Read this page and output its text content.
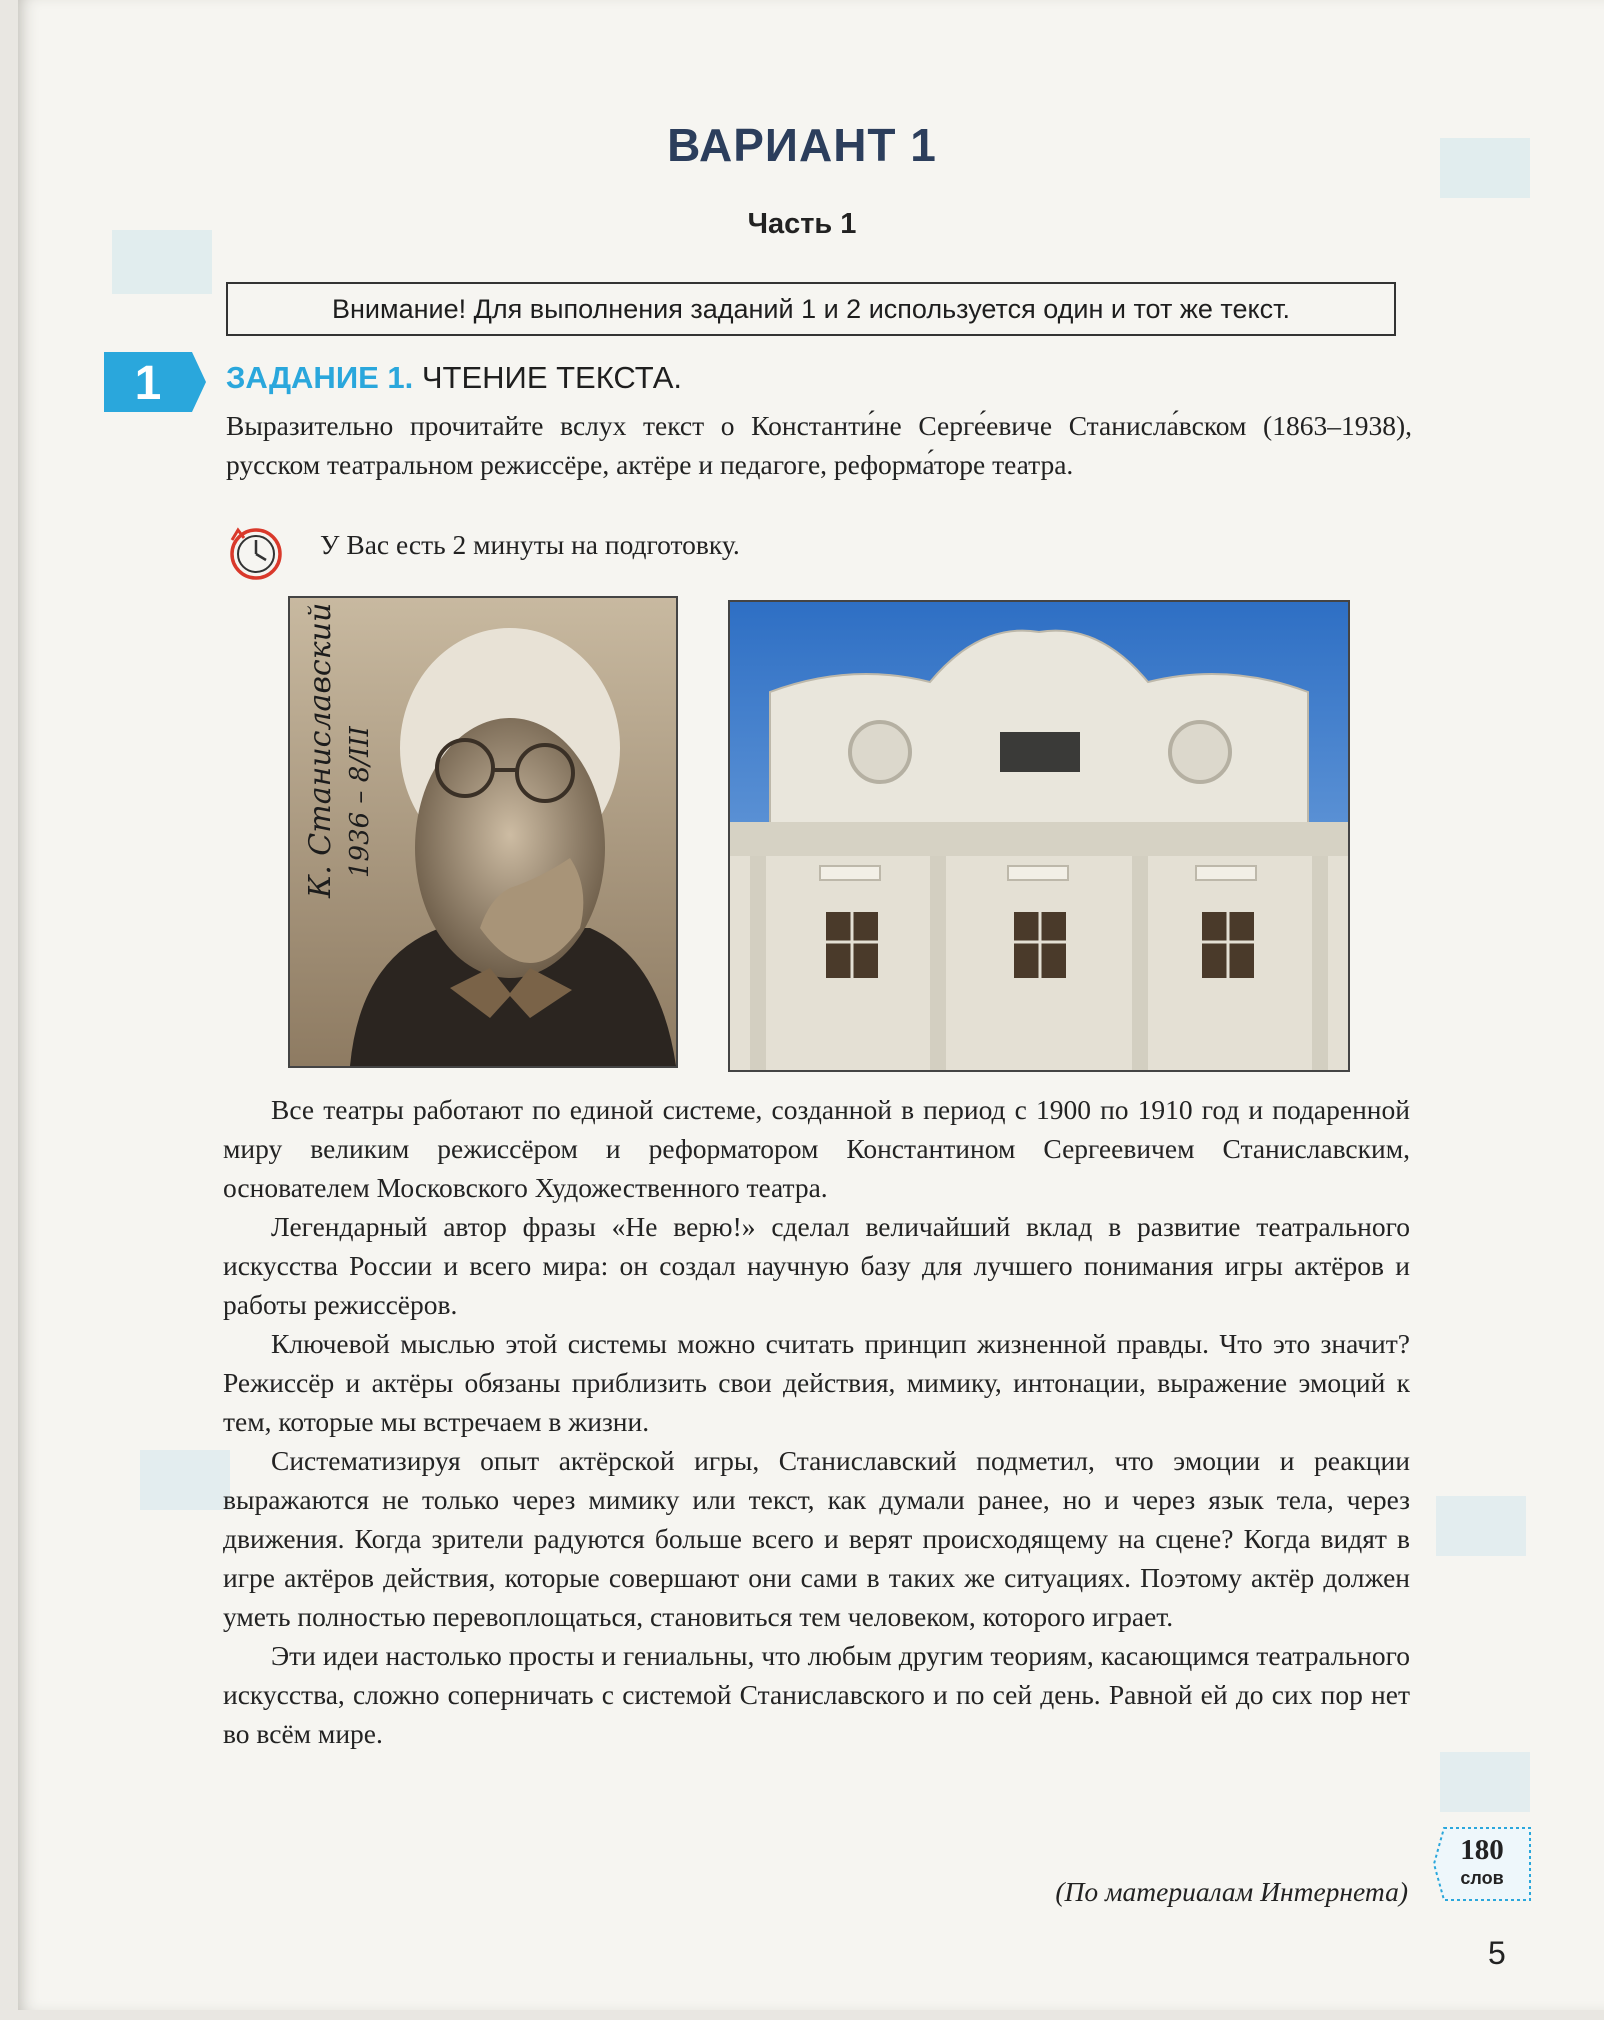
ВАРИАНТ 1
Часть 1
Внимание! Для выполнения заданий 1 и 2 используется один и тот же текст.
1 ЗАДАНИЕ 1. ЧТЕНИЕ ТЕКСТА.
Выразительно прочитайте вслух текст о Константи́не Серге́евиче Станисла́вском (1863–1938), русском театральном режиссёре, актёре и педагоге, реформа́торе театра.
У Вас есть 2 минуты на подготовку.
К. Станиславский 1936 – 8/III

Все театры работают по единой системе, созданной в период с 1900 по 1910 год и подаренной миру великим режиссёром и реформатором Константином Сергеевичем Станиславским, основателем Московского Художественного театра.

Легендарный автор фразы «Не верю!» сделал величайший вклад в развитие театрального искусства России и всего мира: он создал научную базу для лучшего понимания игры актёров и работы режиссёров.

Ключевой мыслью этой системы можно считать принцип жизненной правды. Что это значит? Режиссёр и актёры обязаны приблизить свои действия, мимику, интонации, выражение эмоций к тем, которые мы встречаем в жизни.

Систематизируя опыт актёрской игры, Станиславский подметил, что эмоции и реакции выражаются не только через мимику или текст, как думали ранее, но и через язык тела, через движения. Когда зрители радуются больше всего и верят происходящему на сцене? Когда видят в игре актёров действия, которые совершают они сами в таких же ситуациях. Поэтому актёр должен уметь полностью перевоплощаться, становиться тем человеком, которого играет.

Эти идеи настолько просты и гениальны, что любым другим теориям, касающимся театрального искусства, сложно соперничать с системой Станиславского и по сей день. Равной ей до сих пор нет во всём мире.

(По материалам Интернета)
180
слов
5
